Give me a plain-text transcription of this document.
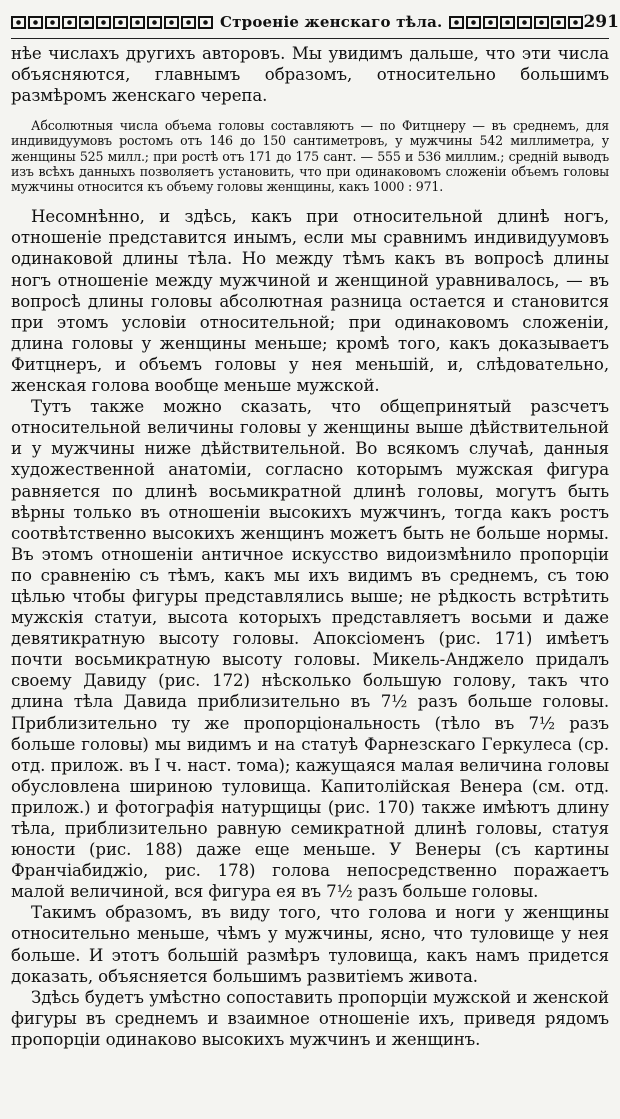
Строеніе женскаго тѣла.	291

нѣе числахъ другихъ авторовъ. Мы увидимъ дальше, что эти числа объясняются, главнымъ образомъ, относительно большимъ размѣромъ женскаго черепа.

Абсолютныя числа объема головы составляютъ — по Фитцнеру — въ среднемъ, для индивидуумовъ ростомъ отъ 146 до 150 сантиметровъ, у мужчины 542 миллиметра, у женщины 525 милл.; при ростѣ отъ 171 до 175 сант. — 555 и 536 миллим.; средній выводъ изъ всѣхъ данныхъ позволяетъ установить, что при одинаковомъ сложеніи объемъ головы мужчины относится къ объему головы женщины, какъ 1000 : 971.

Несомнѣнно, и здѣсь, какъ при относительной длинѣ ногъ, отношеніе представится инымъ, если мы сравнимъ индивидуумовъ одинаковой длины тѣла. Но между тѣмъ какъ въ вопросѣ длины ногъ отношеніе между мужчиной и женщиной уравнивалось, — въ вопросѣ длины головы абсолютная разница остается и становится при этомъ условіи относительной; при одинаковомъ сложеніи, длина головы у женщины меньше; кромѣ того, какъ доказываетъ Фитцнеръ, и объемъ головы у нея меньшій, и, слѣдовательно, женская голова вообще меньше мужской.

Тутъ также можно сказать, что общепринятый разсчетъ относительной величины головы у женщины выше дѣйствительной и у мужчины ниже дѣйствительной. Во всякомъ случаѣ, данныя художественной анатоміи, согласно которымъ мужская фигура равняется по длинѣ восьмикратной длинѣ головы, могутъ быть вѣрны только въ отношеніи высокихъ мужчинъ, тогда какъ ростъ соотвѣтственно высокихъ женщинъ можетъ быть не больше нормы. Въ этомъ отношеніи античное искусство видоизмѣнило пропорціи по сравненію съ тѣмъ, какъ мы ихъ видимъ въ среднемъ, съ тою цѣлью чтобы фигуры представлялись выше; не рѣдкость встрѣтить мужскія статуи, высота которыхъ представляетъ восьми и даже девятикратную высоту головы. Апоксіоменъ (рис. 171) имѣетъ почти восьмикратную высоту головы. Микель-Анджело придалъ своему Давиду (рис. 172) нѣсколько большую голову, такъ что длина тѣла Давида приблизительно въ 7½ разъ больше головы. Приблизительно ту же пропорціональность (тѣло въ 7½ разъ больше головы) мы видимъ и на статуѣ Фарнезскаго Геркулеса (ср. отд. прилож. въ I ч. наст. тома); кажущаяся малая величина головы обусловлена шириною туловища. Капитолійская Венера (см. отд. прилож.) и фотографія натурщицы (рис. 170) также имѣютъ длину тѣла, приблизительно равную семикратной длинѣ головы, статуя юности (рис. 188) даже еще меньше. У Венеры (съ картины Франчіабиджіо, рис. 178) голова непосредственно поражаетъ малой величиной, вся фигура ея въ 7½ разъ больше головы.

Такимъ образомъ, въ виду того, что голова и ноги у женщины относительно меньше, чѣмъ у мужчины, ясно, что туловище у нея больше. И этотъ большій размѣръ туловища, какъ намъ придется доказать, объясняется большимъ развитіемъ живота.

Здѣсь будетъ умѣстно сопоставить пропорціи мужской и женской фигуры въ среднемъ и взаимное отношеніе ихъ, приведя рядомъ пропорціи одинаково высокихъ мужчинъ и женщинъ.
